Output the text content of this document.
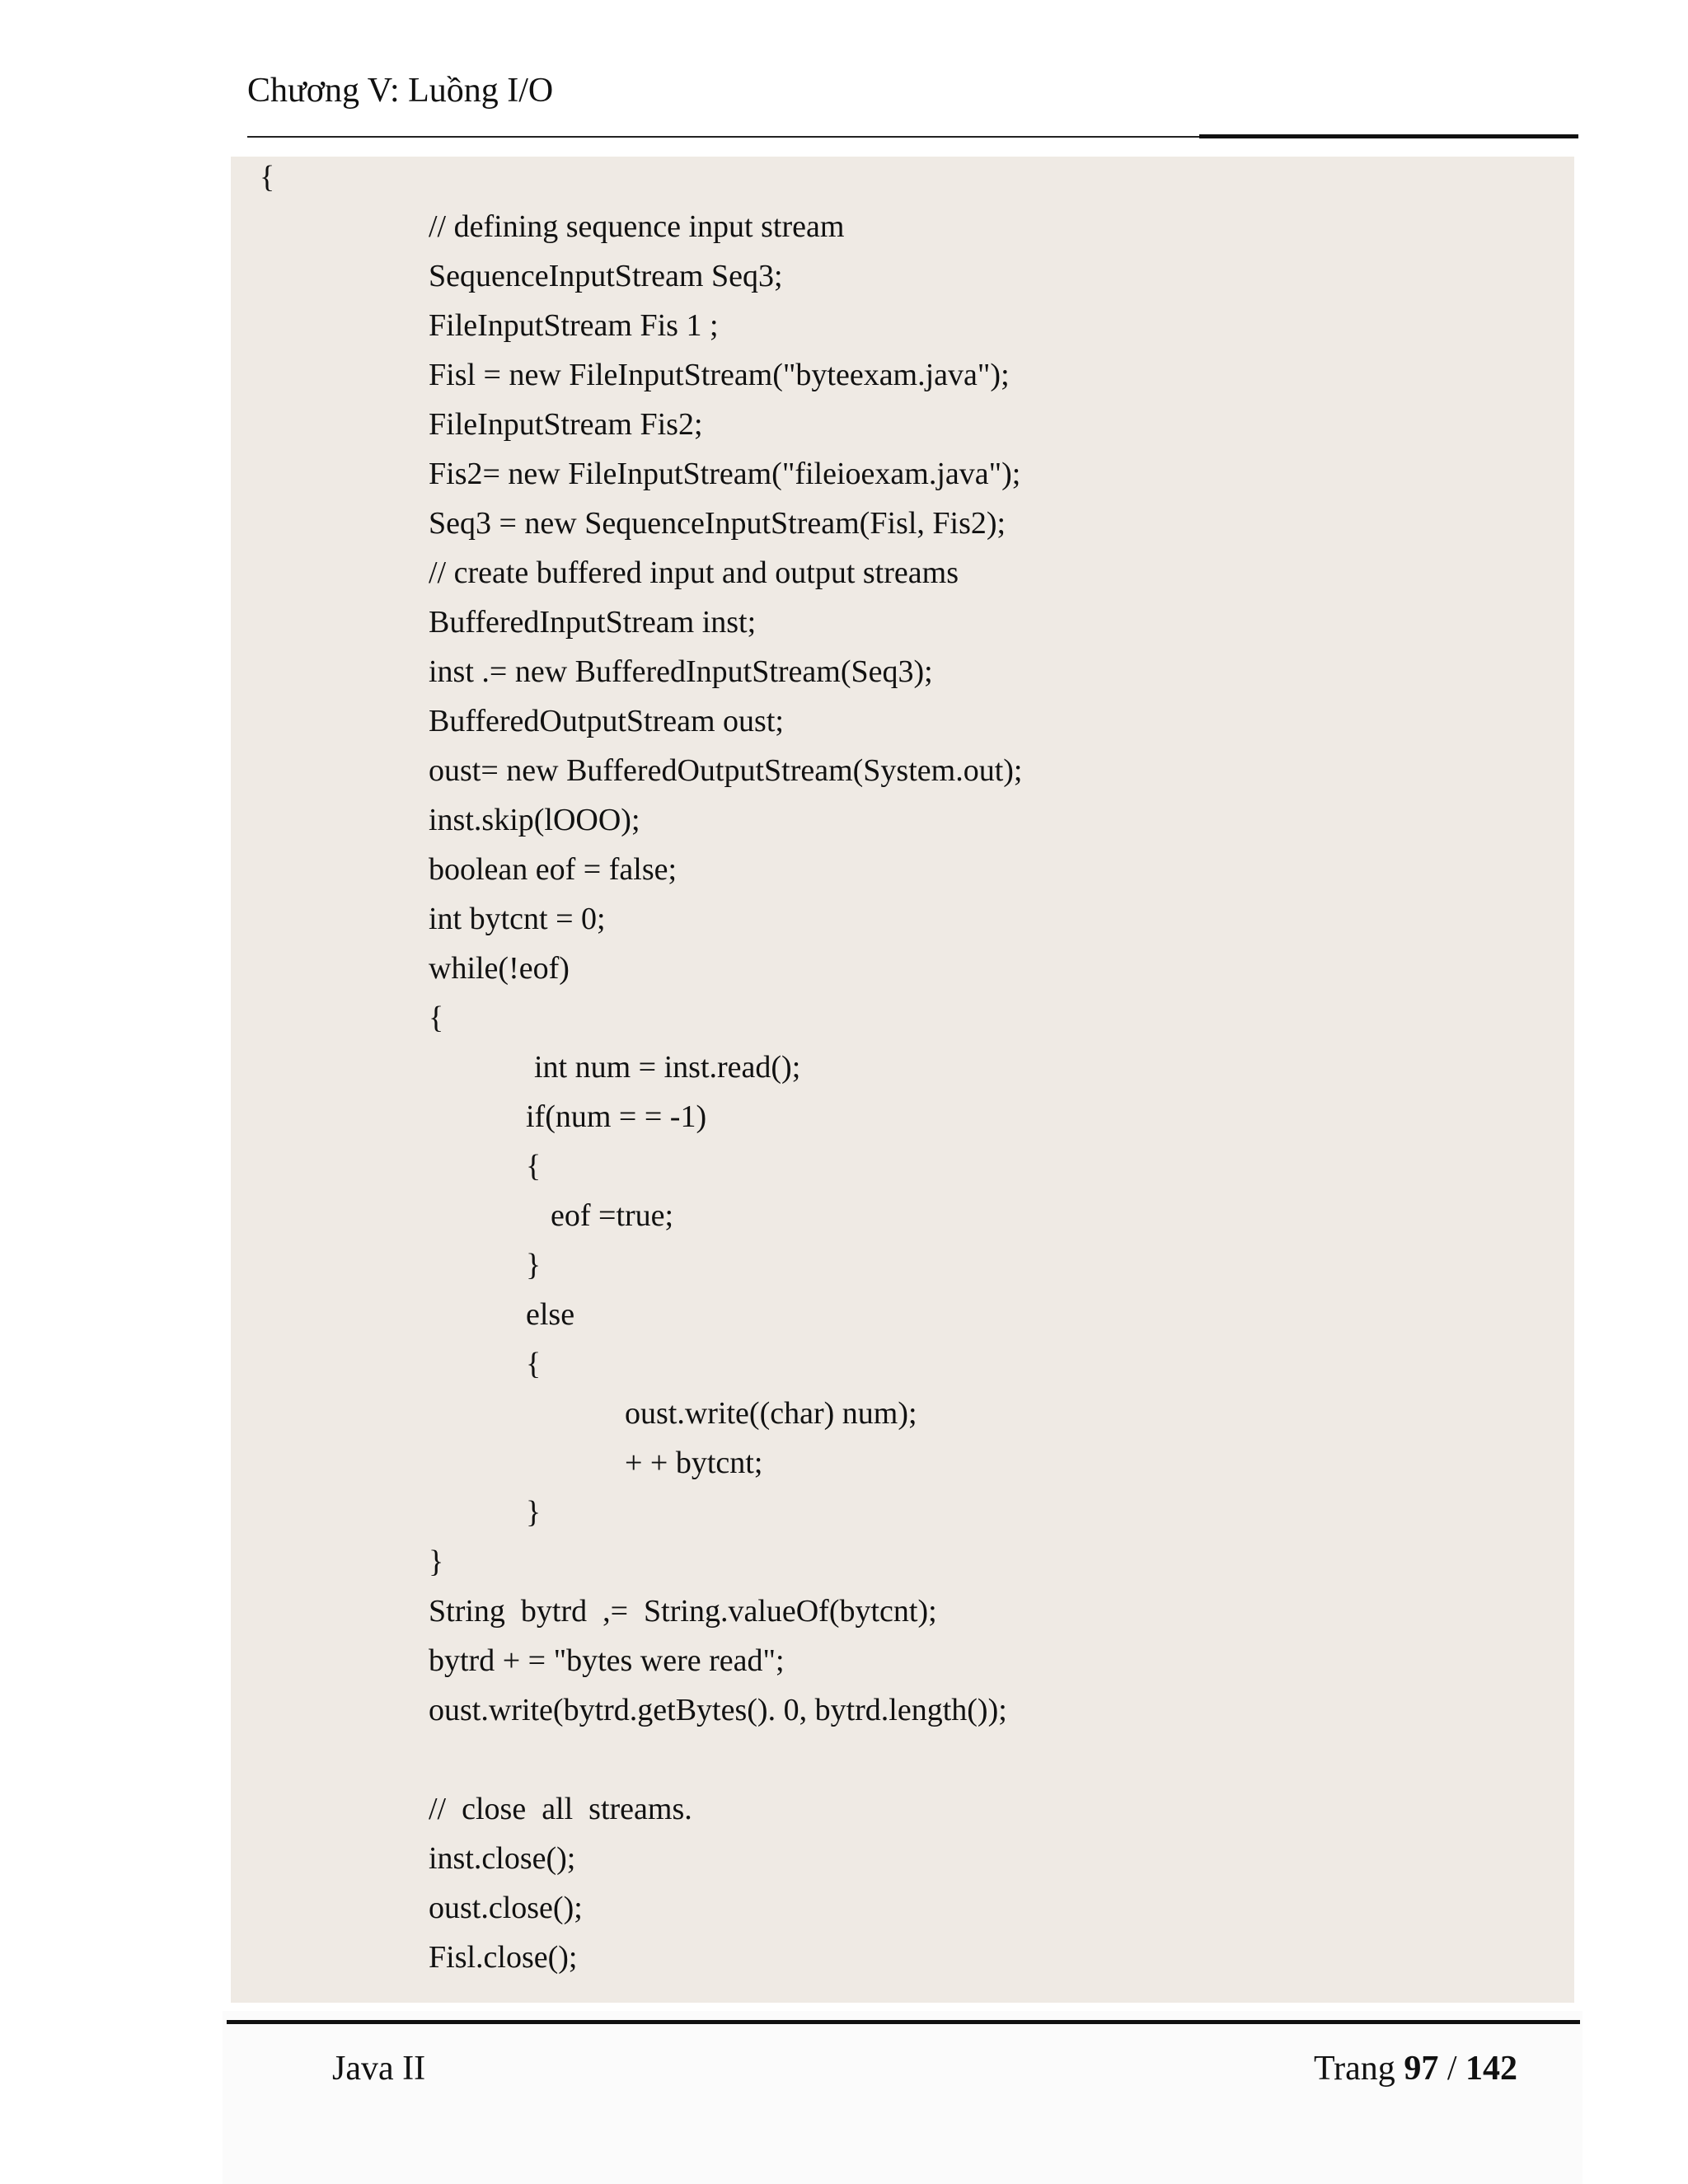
Chương V: Luồng I/O
{
// defining sequence input stream
SequenceInputStream Seq3;
FileInputStream Fis 1 ;
Fisl = new FileInputStream("byteexam.java");
FileInputStream Fis2;
Fis2= new FileInputStream("fileioexam.java");
Seq3 = new SequenceInputStream(Fisl, Fis2);
// create buffered input and output streams
BufferedInputStream inst;
inst .= new BufferedInputStream(Seq3);
BufferedOutputStream oust;
oust= new BufferedOutputStream(System.out);
inst.skip(lOOO);
boolean eof = false;
int bytcnt = 0;
while(!eof)
{
int num = inst.read();
if(num = = -1)
{
eof =true;
}
else
{
oust.write((char) num);
+ + bytcnt;
}
}
String  bytrd  ,=  String.valueOf(bytcnt);
bytrd + = "bytes were read";
oust.write(bytrd.getBytes(). 0, bytrd.length());
//  close  all  streams.
inst.close();
oust.close();
Fisl.close();
Java II	Trang 97 / 142
